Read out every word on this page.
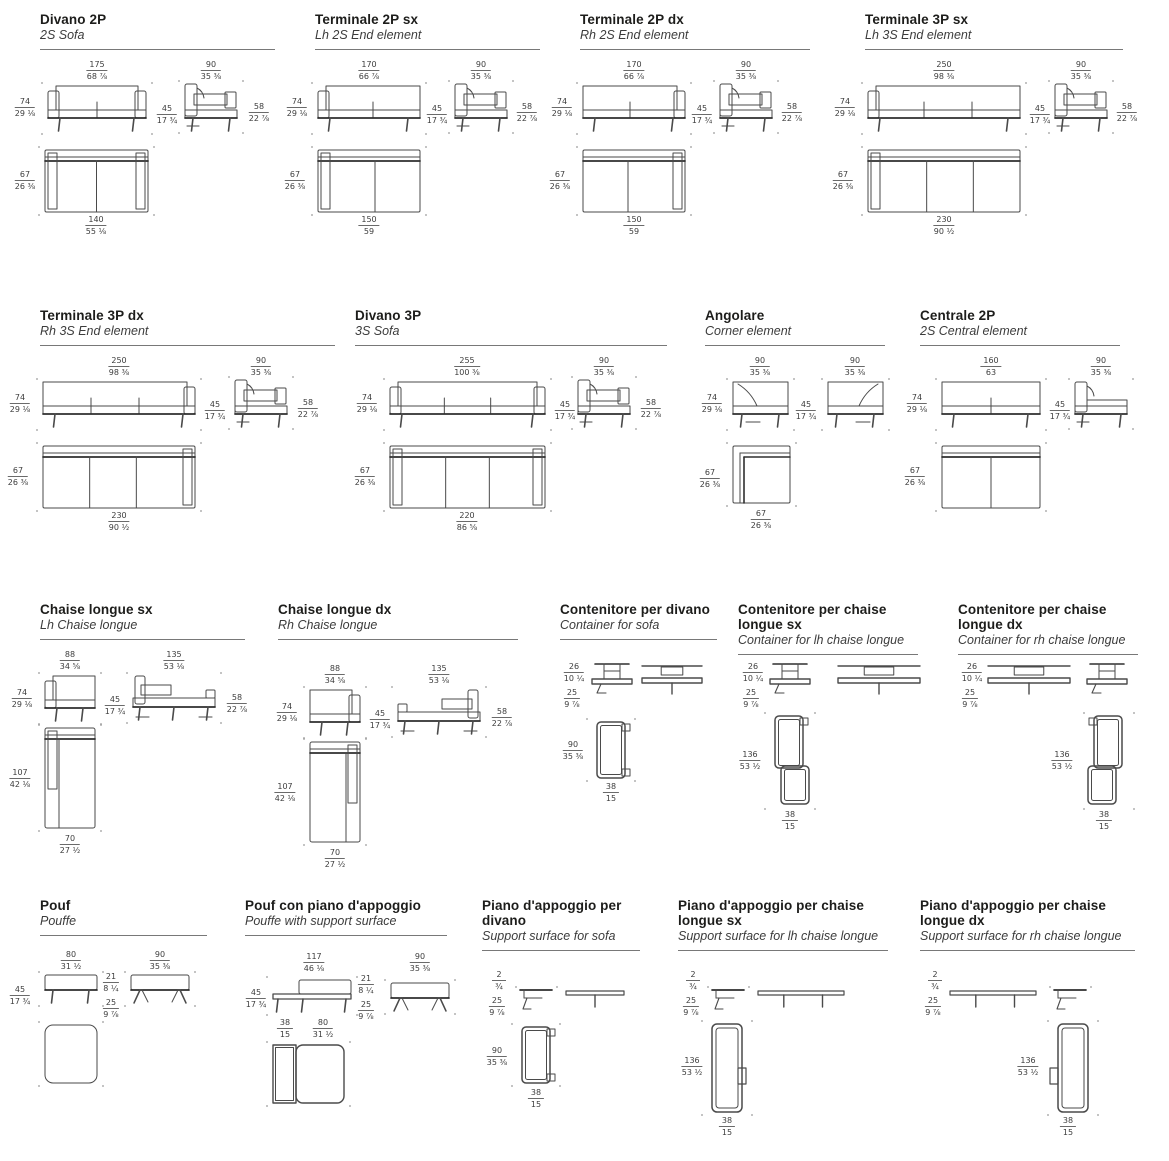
Divano 2P
2S Sofa
175
68 ⅞
90
35 ⅜
74
29 ⅛
45
17 ¾
58
22 ⅞
67
26 ⅜
140
55 ⅛
Terminale 2P sx
Lh 2S End element
170
66 ⅞
90
35 ⅜
74
29 ⅛
45
17 ¾
58
22 ⅞
67
26 ⅜
150
59
Terminale 2P dx
Rh 2S End element
170
66 ⅞
90
35 ⅜
74
29 ⅛
45
17 ¾
58
22 ⅞
67
26 ⅜
150
59
Terminale 3P sx
Lh 3S End element
250
98 ⅜
90
35 ⅜
74
29 ⅛
45
17 ¾
58
22 ⅞
67
26 ⅜
230
90 ½
Terminale 3P dx
Rh 3S End element
250
98 ⅜
90
35 ⅜
74
29 ⅛
45
17 ¾
58
22 ⅞
67
26 ⅜
230
90 ½
Divano 3P
3S Sofa
255
100 ⅜
90
35 ⅜
74
29 ⅛
45
17 ¾
58
22 ⅞
67
26 ⅜
220
86 ⅝
Angolare
Corner element
90
35 ⅜
90
35 ⅜
74
29 ⅛
45
17 ¾
67
26 ⅜
67
26 ⅜
Centrale 2P
2S Central element
160
63
90
35 ⅜
74
29 ⅛
45
17 ¾
67
26 ⅜
Chaise longue sx
Lh Chaise longue
88
34 ⅝
135
53 ⅛
74
29 ⅛
45
17 ¾
58
22 ⅞
107
42 ⅛
70
27 ½
Chaise longue dx
Rh Chaise longue
88
34 ⅝
135
53 ⅛
74
29 ⅛
45
17 ¾
58
22 ⅞
107
42 ⅛
70
27 ½
Contenitore per divano
Container for sofa
26
10 ¼
25
9 ⅞
90
35 ⅜
38
15
Contenitore per chaise longue sx
Container for lh chaise longue
26
10 ¼
25
9 ⅞
136
53 ½
38
15
Contenitore per chaise longue dx
Container for rh chaise longue
26
10 ¼
25
9 ⅞
136
53 ½
38
15
Pouf
Pouffe
80
31 ½
90
35 ⅜
45
17 ¾
21
8 ¼
25
9 ⅞
Pouf con piano d'appoggio
Pouffe with support surface
117
46 ⅛
90
35 ⅜
45
17 ¾
21
8 ¼
25
9 ⅞
38
15
80
31 ½
Piano d'appoggio per divano
Support surface for sofa
2
¾
25
9 ⅞
90
35 ⅜
38
15
Piano d'appoggio per chaise longue sx
Support surface for lh chaise longue
2
¾
25
9 ⅞
136
53 ½
38
15
Piano d'appoggio per chaise longue dx
Support surface for rh chaise longue
2
¾
25
9 ⅞
136
53 ½
38
15
